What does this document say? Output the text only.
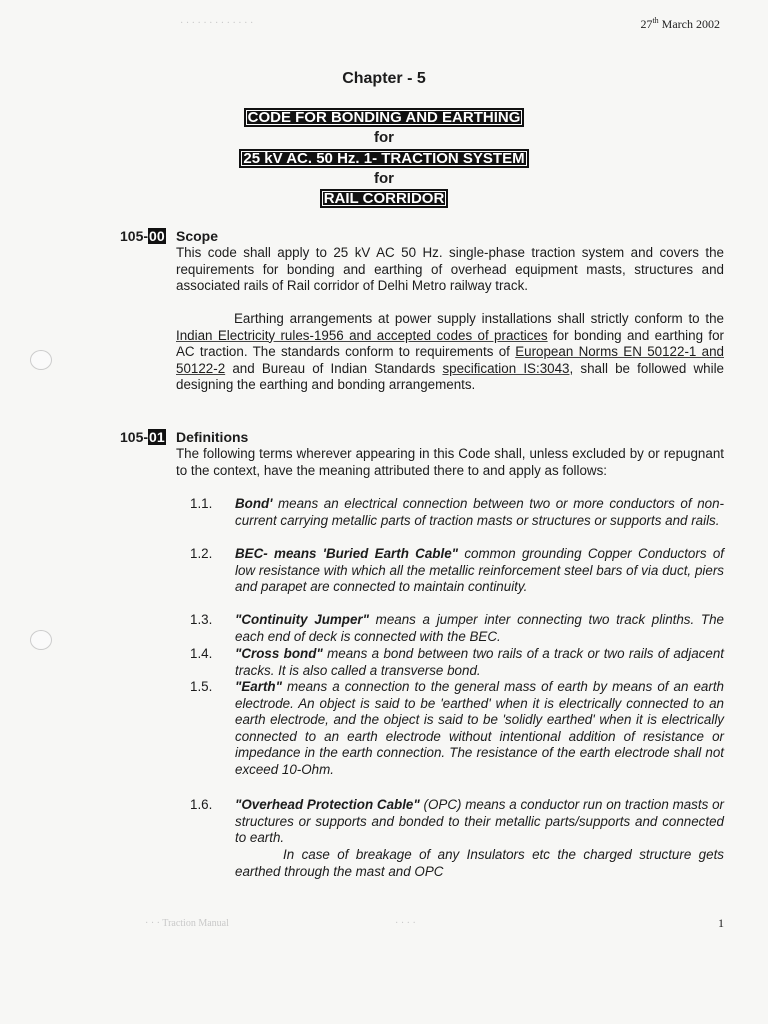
· · · · · · · · · · · · ·	27th March 2002
Chapter - 5
CODE FOR BONDING AND EARTHING
for
25 kV AC. 50 Hz. 1- TRACTION SYSTEM
for
RAIL CORRIDOR
105-00 Scope
This code shall apply to 25 kV AC 50 Hz. single-phase traction system and covers the requirements for bonding and earthing of overhead equipment masts, structures and associated rails of Rail corridor of Delhi Metro railway track.
Earthing arrangements at power supply installations shall strictly conform to the Indian Electricity rules-1956 and accepted codes of practices for bonding and earthing for AC traction. The standards conform to requirements of European Norms EN 50122-1 and 50122-2 and Bureau of Indian Standards specification IS:3043, shall be followed while designing the earthing and bonding arrangements.
105-01 Definitions
The following terms wherever appearing in this Code shall, unless excluded by or repugnant to the context, have the meaning attributed there to and apply as follows:
1.1. Bond' means an electrical connection between two or more conductors of non-current carrying metallic parts of traction masts or structures or supports and rails.
1.2. BEC- means 'Buried Earth Cable" common grounding Copper Conductors of low resistance with which all the metallic reinforcement steel bars of via duct, piers and parapet are connected to maintain continuity.
1.3. "Continuity Jumper" means a jumper inter connecting two track plinths. The each end of deck is connected with the BEC.
1.4. "Cross bond" means a bond between two rails of a track or two rails of adjacent tracks. It is also called a transverse bond.
1.5. "Earth" means a connection to the general mass of earth by means of an earth electrode. An object is said to be 'earthed' when it is electrically connected to an earth electrode, and the object is said to be 'solidly earthed' when it is electrically connected to an earth electrode without intentional addition of resistance or impedance in the earth connection. The resistance of the earth electrode shall not exceed 10-Ohm.
1.6. "Overhead Protection Cable" (OPC) means a conductor run on traction masts or structures or supports and bonded to their metallic parts/supports and connected to earth.
In case of breakage of any Insulators etc the charged structure gets earthed through the mast and OPC
· · · Traction Manual	· · · ·	1
